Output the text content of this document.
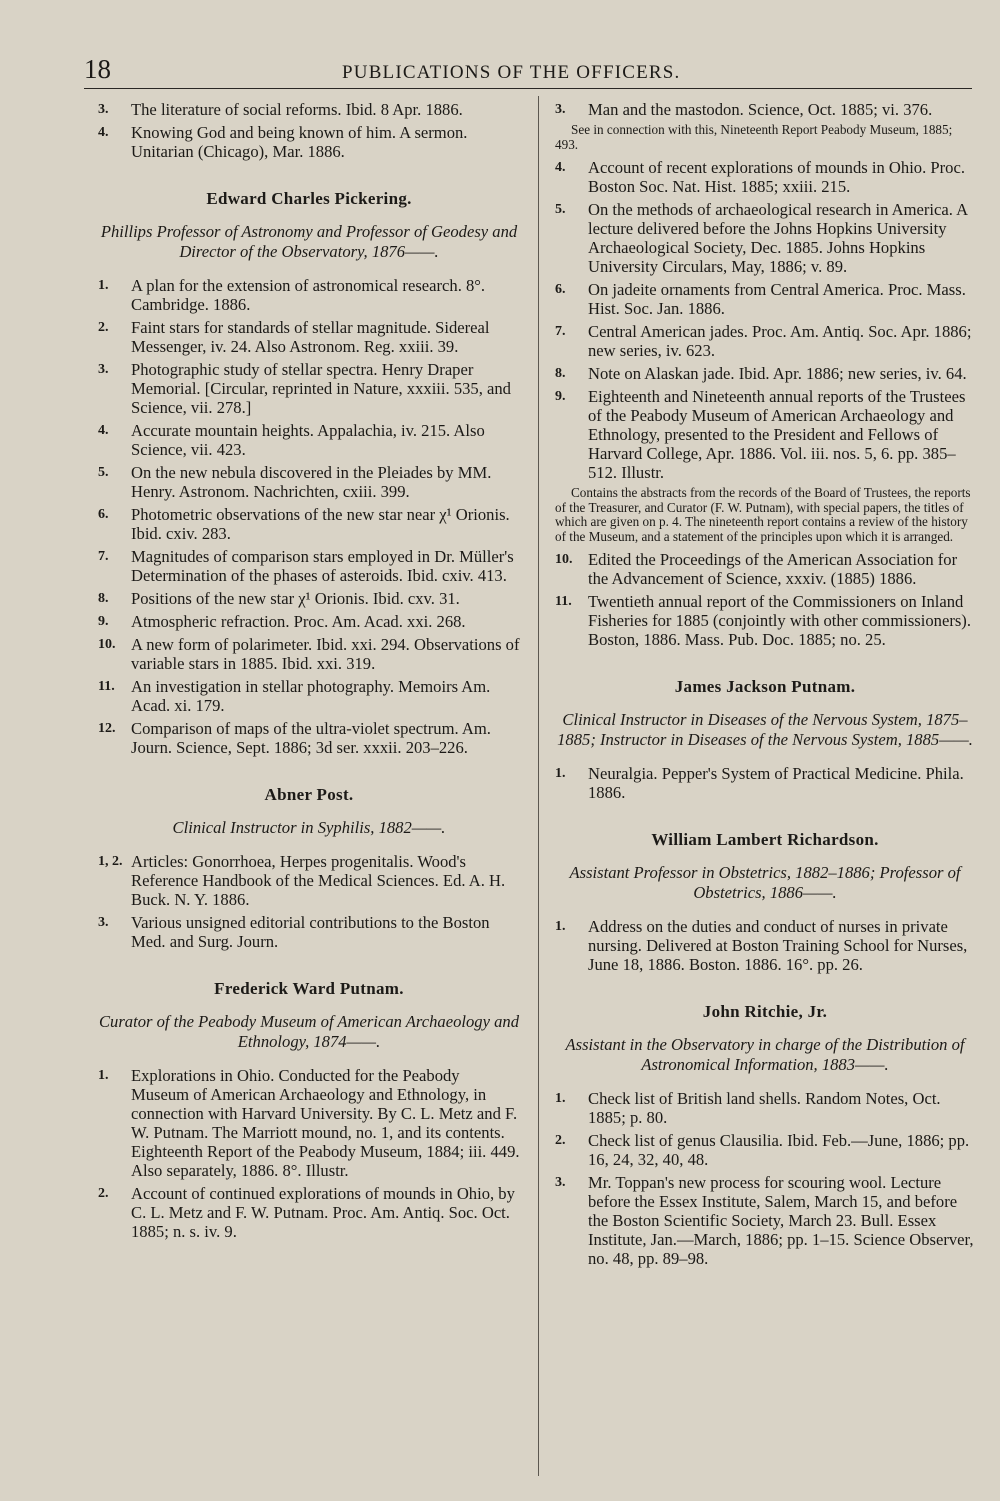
18	PUBLICATIONS OF THE OFFICERS.
3.	The literature of social reforms. Ibid. 8 Apr. 1886.
4.	Knowing God and being known of him. A sermon. Unitarian (Chicago), Mar. 1886.
Edward Charles Pickering.
Phillips Professor of Astronomy and Professor of Geodesy and Director of the Observatory, 1876——.
1.	A plan for the extension of astronomical research. 8°. Cambridge. 1886.
2.	Faint stars for standards of stellar magnitude. Sidereal Messenger, iv. 24. Also Astronom. Reg. xxiii. 39.
3.	Photographic study of stellar spectra. Henry Draper Memorial. [Circular, reprinted in Nature, xxxiii. 535, and Science, vii. 278.]
4.	Accurate mountain heights. Appalachia, iv. 215. Also Science, vii. 423.
5.	On the new nebula discovered in the Pleiades by MM. Henry. Astronom. Nachrichten, cxiii. 399.
6.	Photometric observations of the new star near χ¹ Orionis. Ibid. cxiv. 283.
7.	Magnitudes of comparison stars employed in Dr. Müller's Determination of the phases of asteroids. Ibid. cxiv. 413.
8.	Positions of the new star χ¹ Orionis. Ibid. cxv. 31.
9.	Atmospheric refraction. Proc. Am. Acad. xxi. 268.
10. A new form of polarimeter. Ibid. xxi. 294. Observations of variable stars in 1885. Ibid. xxi. 319.
11. An investigation in stellar photography. Memoirs Am. Acad. xi. 179.
12. Comparison of maps of the ultra-violet spectrum. Am. Journ. Science, Sept. 1886; 3d ser. xxxii. 203–226.
Abner Post.
Clinical Instructor in Syphilis, 1882——.
1, 2. Articles: Gonorrhoea, Herpes progenitalis. Wood's Reference Handbook of the Medical Sciences. Ed. A. H. Buck. N. Y. 1886.
3.	Various unsigned editorial contributions to the Boston Med. and Surg. Journ.
Frederick Ward Putnam.
Curator of the Peabody Museum of American Archaeology and Ethnology, 1874——.
1.	Explorations in Ohio. Conducted for the Peabody Museum of American Archaeology and Ethnology, in connection with Harvard University. By C. L. Metz and F. W. Putnam. The Marriott mound, no. 1, and its contents. Eighteenth Report of the Peabody Museum, 1884; iii. 449. Also separately, 1886. 8°. Illustr.
2.	Account of continued explorations of mounds in Ohio, by C. L. Metz and F. W. Putnam. Proc. Am. Antiq. Soc. Oct. 1885; n. s. iv. 9.
3.	Man and the mastodon. Science, Oct. 1885; vi. 376.
See in connection with this, Nineteenth Report Peabody Museum, 1885; 493.
4.	Account of recent explorations of mounds in Ohio. Proc. Boston Soc. Nat. Hist. 1885; xxiii. 215.
5.	On the methods of archaeological research in America. A lecture delivered before the Johns Hopkins University Archaeological Society, Dec. 1885. Johns Hopkins University Circulars, May, 1886; v. 89.
6.	On jadeite ornaments from Central America. Proc. Mass. Hist. Soc. Jan. 1886.
7.	Central American jades. Proc. Am. Antiq. Soc. Apr. 1886; new series, iv. 623.
8.	Note on Alaskan jade. Ibid. Apr. 1886; new series, iv. 64.
9.	Eighteenth and Nineteenth annual reports of the Trustees of the Peabody Museum of American Archaeology and Ethnology, presented to the President and Fellows of Harvard College, Apr. 1886. Vol. iii. nos. 5, 6. pp. 385–512. Illustr.
Contains the abstracts from the records of the Board of Trustees, the reports of the Treasurer, and Curator (F. W. Putnam), with special papers, the titles of which are given on p. 4. The nineteenth report contains a review of the history of the Museum, and a statement of the principles upon which it is arranged.
10. Edited the Proceedings of the American Association for the Advancement of Science, xxxiv. (1885) 1886.
11. Twentieth annual report of the Commissioners on Inland Fisheries for 1885 (conjointly with other commissioners). Boston, 1886. Mass. Pub. Doc. 1885; no. 25.
James Jackson Putnam.
Clinical Instructor in Diseases of the Nervous System, 1875–1885; Instructor in Diseases of the Nervous System, 1885——.
1.	Neuralgia. Pepper's System of Practical Medicine. Phila. 1886.
William Lambert Richardson.
Assistant Professor in Obstetrics, 1882–1886; Professor of Obstetrics, 1886——.
1.	Address on the duties and conduct of nurses in private nursing. Delivered at Boston Training School for Nurses, June 18, 1886. Boston. 1886. 16°. pp. 26.
John Ritchie, Jr.
Assistant in the Observatory in charge of the Distribution of Astronomical Information, 1883——.
1.	Check list of British land shells. Random Notes, Oct. 1885; p. 80.
2.	Check list of genus Clausilia. Ibid. Feb.—June, 1886; pp. 16, 24, 32, 40, 48.
3.	Mr. Toppan's new process for scouring wool. Lecture before the Essex Institute, Salem, March 15, and before the Boston Scientific Society, March 23. Bull. Essex Institute, Jan.—March, 1886; pp. 1–15. Science Observer, no. 48, pp. 89–98.
